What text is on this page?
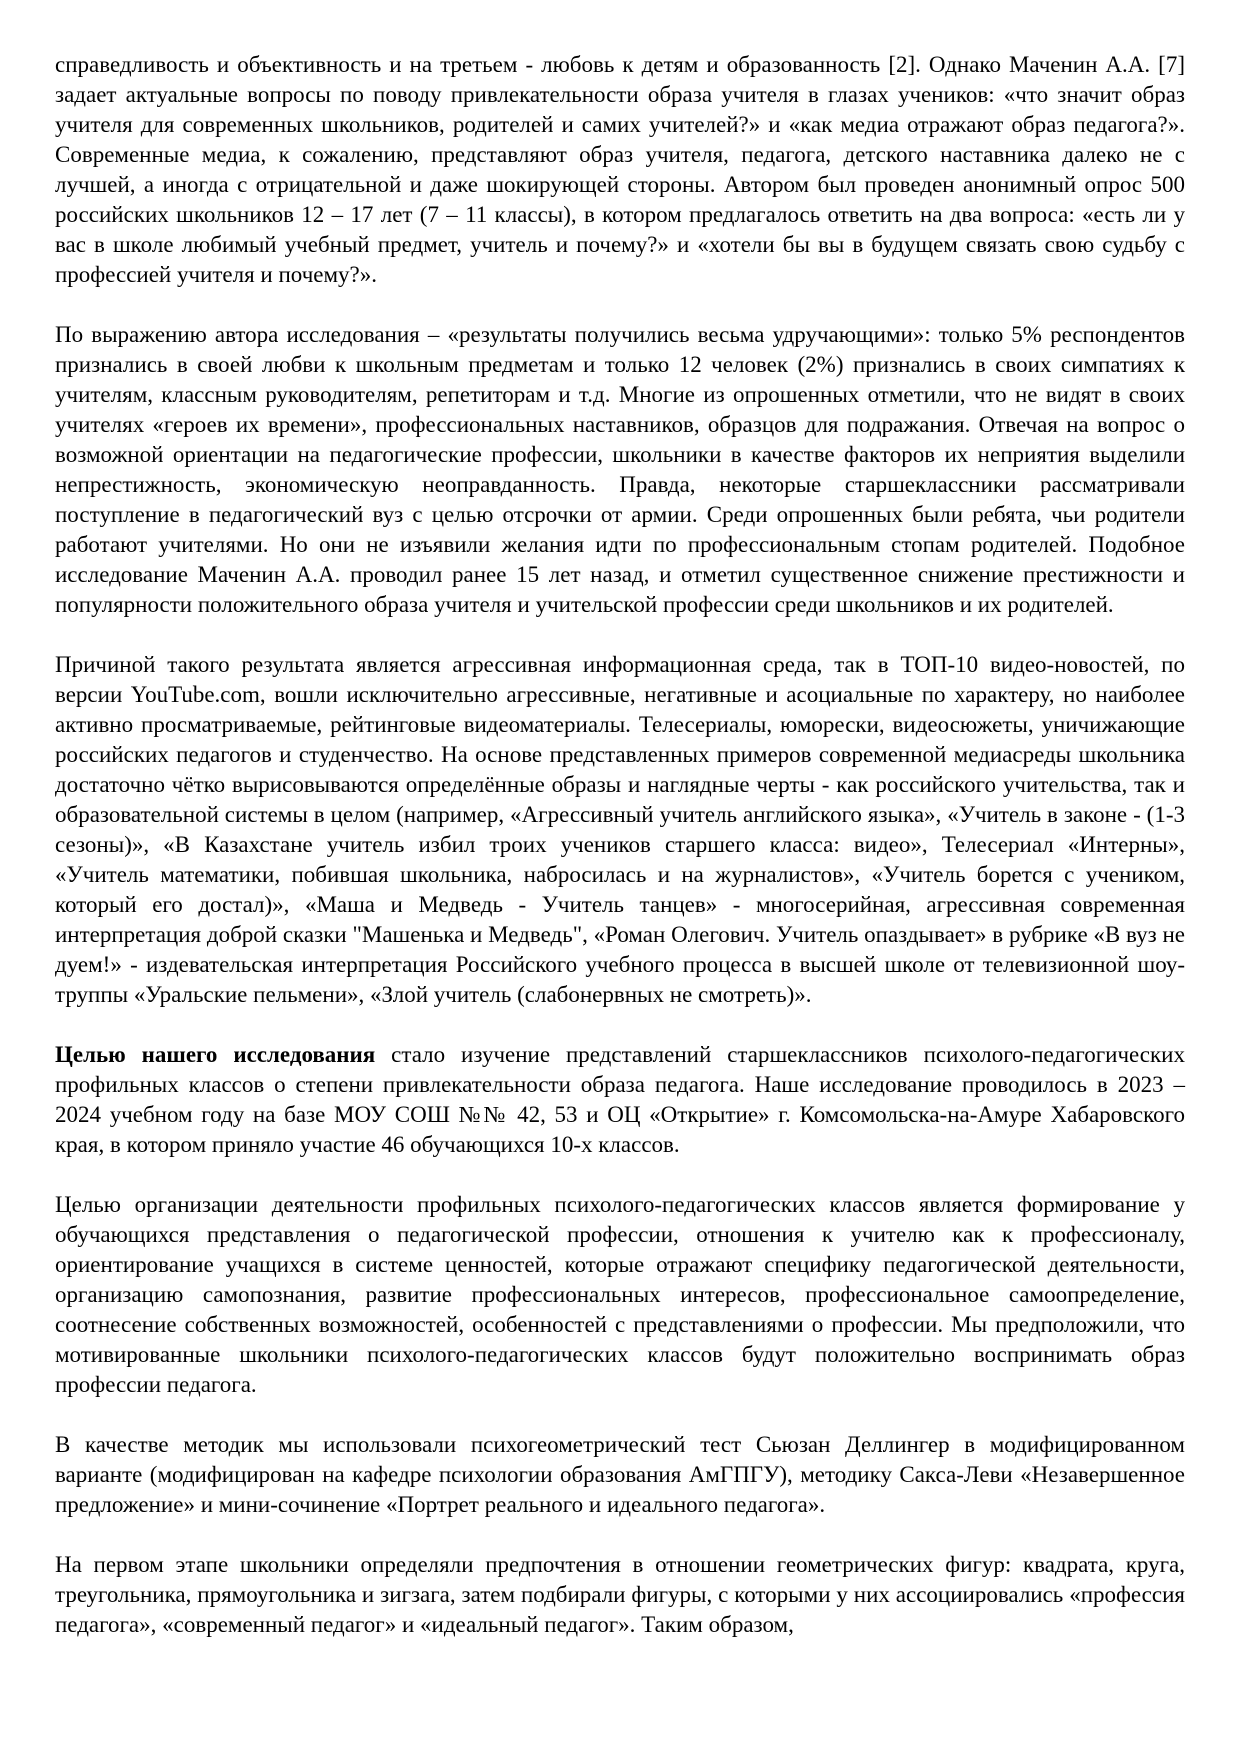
справедливость и объективность и на третьем - любовь к детям и образованность [2]. Однако Маченин А.А. [7] задает актуальные вопросы по поводу привлекательности образа учителя в глазах учеников: «что значит образ учителя для современных школьников, родителей и самих учителей?» и «как медиа отражают образ педагога?». Современные медиа, к сожалению, представляют образ учителя, педагога, детского наставника далеко не с лучшей, а иногда с отрицательной и даже шокирующей стороны. Автором был проведен анонимный опрос 500 российских школьников 12 – 17 лет (7 – 11 классы), в котором предлагалось ответить на два вопроса: «есть ли у вас в школе любимый учебный предмет, учитель и почему?» и «хотели бы вы в будущем связать свою судьбу с профессией учителя и почему?».

По выражению автора исследования – «результаты получились весьма удручающими»: только 5% респондентов признались в своей любви к школьным предметам и только 12 человек (2%) признались в своих симпатиях к учителям, классным руководителям, репетиторам и т.д. Многие из опрошенных отметили, что не видят в своих учителях «героев их времени», профессиональных наставников, образцов для подражания. Отвечая на вопрос о возможной ориентации на педагогические профессии, школьники в качестве факторов их неприятия выделили непрестижность, экономическую неоправданность. Правда, некоторые старшеклассники рассматривали поступление в педагогический вуз с целью отсрочки от армии. Среди опрошенных были ребята, чьи родители работают учителями. Но они не изъявили желания идти по профессиональным стопам родителей. Подобное исследование Маченин А.А. проводил ранее 15 лет назад, и отметил существенное снижение престижности и популярности положительного образа учителя и учительской профессии среди школьников и их родителей.

Причиной такого результата является агрессивная информационная среда, так в ТОП-10 видео-новостей, по версии YouTube.com, вошли исключительно агрессивные, негативные и асоциальные по характеру, но наиболее активно просматриваемые, рейтинговые видеоматериалы. Телесериалы, юморески, видеосюжеты, уничижающие российских педагогов и студенчество. На основе представленных примеров современной медиасреды школьника достаточно чётко вырисовываются определённые образы и наглядные черты - как российского учительства, так и образовательной системы в целом (например, «Агрессивный учитель английского языка», «Учитель в законе - (1-3 сезоны)», «В Казахстане учитель избил троих учеников старшего класса: видео», Телесериал «Интерны», «Учитель математики, побившая школьника, набросилась и на журналистов», «Учитель борется с учеником, который его достал)», «Маша и Медведь - Учитель танцев» - многосерийная, агрессивная современная интерпретация доброй сказки "Машенька и Медведь", «Роман Олегович. Учитель опаздывает» в рубрике «В вуз не дуем!» - издевательская интерпретация Российского учебного процесса в высшей школе от телевизионной шоу-труппы «Уральские пельмени», «Злой учитель (слабонервных не смотреть)».

Целью нашего исследования стало изучение представлений старшеклассников психолого-педагогических профильных классов о степени привлекательности образа педагога. Наше исследование проводилось в 2023 – 2024 учебном году на базе МОУ СОШ №№ 42, 53 и ОЦ «Открытие» г. Комсомольска-на-Амуре Хабаровского края, в котором приняло участие 46 обучающихся 10-х классов.

Целью организации деятельности профильных психолого-педагогических классов является формирование у обучающихся представления о педагогической профессии, отношения к учителю как к профессионалу, ориентирование учащихся в системе ценностей, которые отражают специфику педагогической деятельности, организацию самопознания, развитие профессиональных интересов, профессиональное самоопределение, соотнесение собственных возможностей, особенностей с представлениями о профессии. Мы предположили, что мотивированные школьники психолого-педагогических классов будут положительно воспринимать образ профессии педагога.

В качестве методик мы использовали психогеометрический тест Сьюзан Деллингер в модифицированном варианте (модифицирован на кафедре психологии образования АмГПГУ), методику Сакса-Леви «Незавершенное предложение» и мини-сочинение «Портрет реального и идеального педагога».

На первом этапе школьники определяли предпочтения в отношении геометрических фигур: квадрата, круга, треугольника, прямоугольника и зигзага, затем подбирали фигуры, с которыми у них ассоциировались «профессия педагога», «современный педагог» и «идеальный педагог». Таким образом,
